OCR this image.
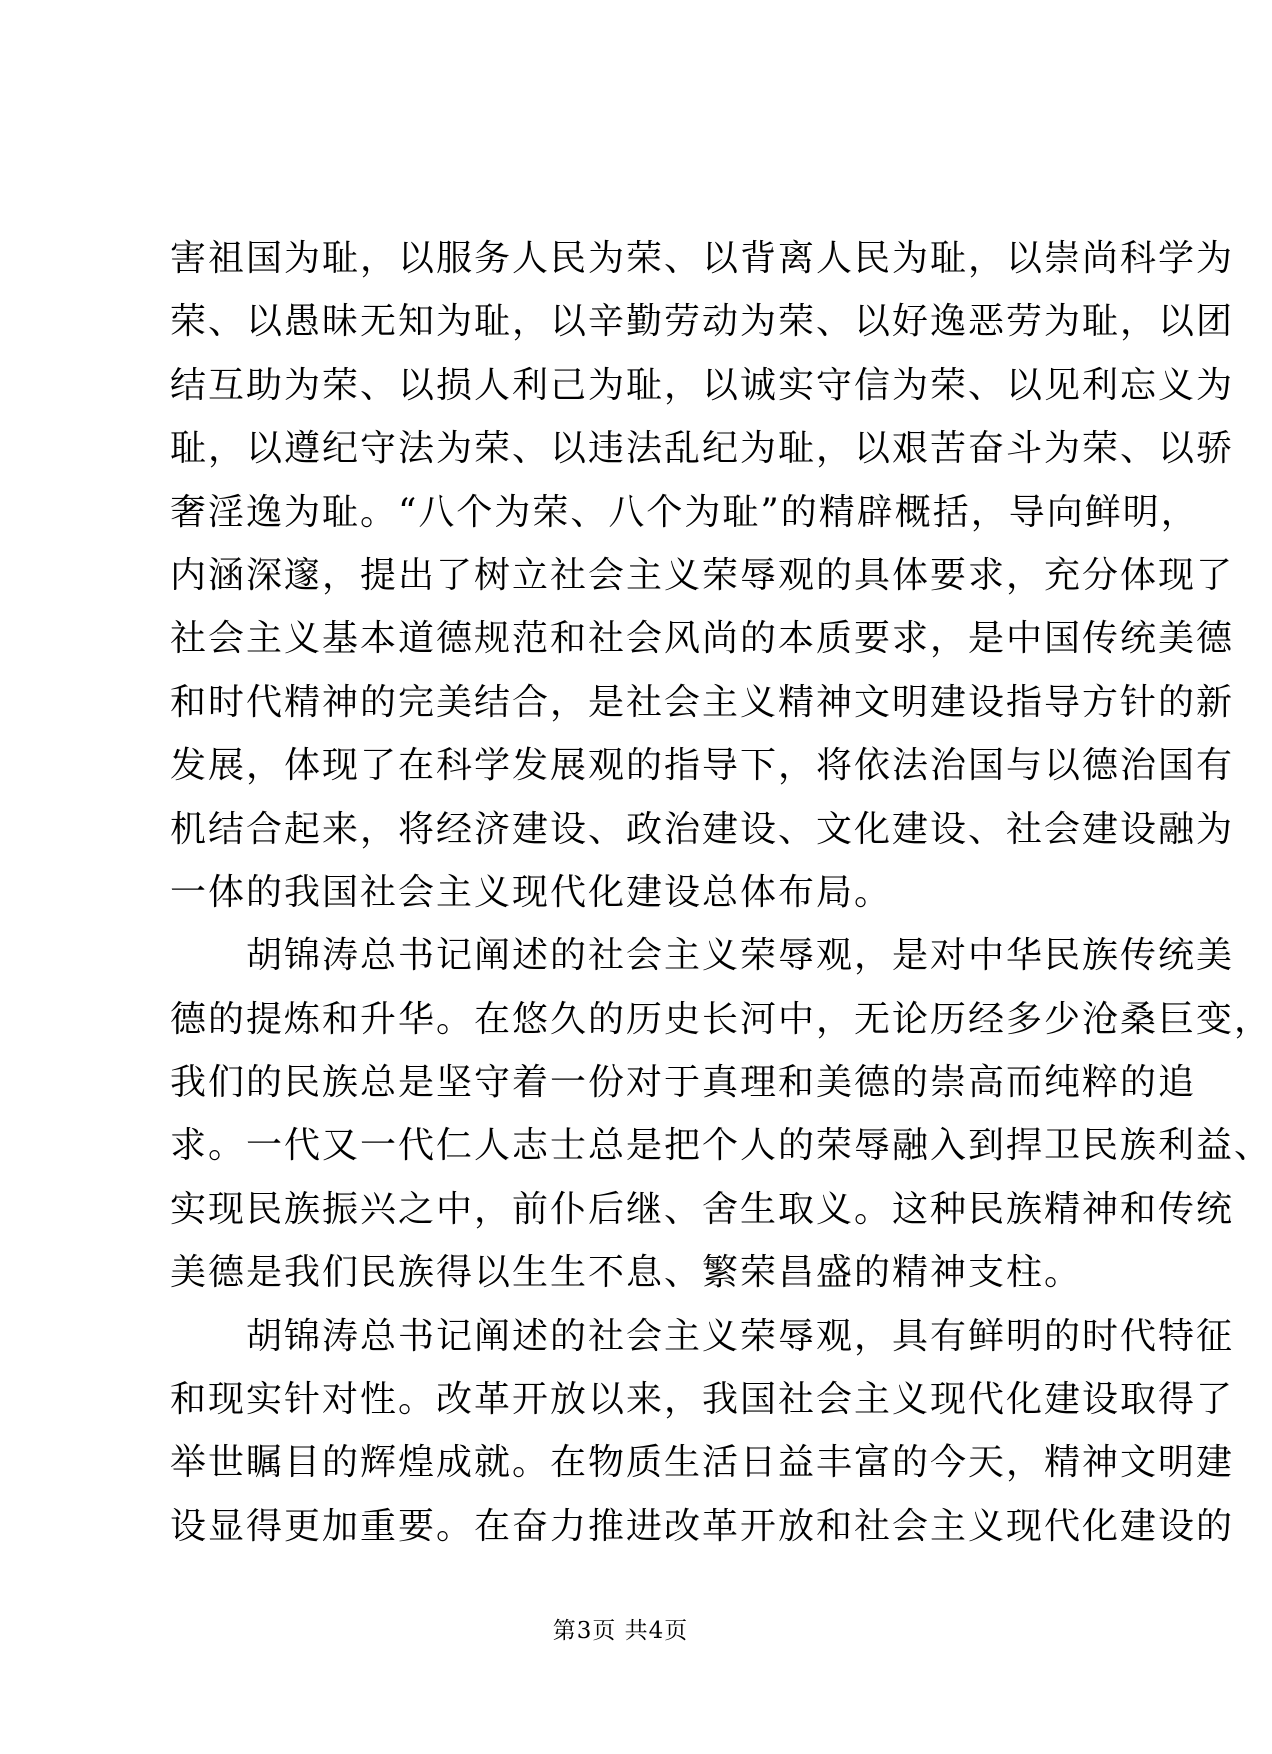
害祖国为耻，以服务人民为荣、以背离人民为耻，以崇尚科学为
荣、以愚昧无知为耻，以辛勤劳动为荣、以好逸恶劳为耻，以团
结互助为荣、以损人利己为耻，以诚实守信为荣、以见利忘义为
耻，以遵纪守法为荣、以违法乱纪为耻，以艰苦奋斗为荣、以骄
奢淫逸为耻。“八个为荣、八个为耻”的精辟概括，导向鲜明，
内涵深邃，提出了树立社会主义荣辱观的具体要求，充分体现了
社会主义基本道德规范和社会风尚的本质要求，是中国传统美德
和时代精神的完美结合，是社会主义精神文明建设指导方针的新
发展，体现了在科学发展观的指导下，将依法治国与以德治国有
机结合起来，将经济建设、政治建设、文化建设、社会建设融为
一体的我国社会主义现代化建设总体布局。
　　胡锦涛总书记阐述的社会主义荣辱观，是对中华民族传统美
德的提炼和升华。在悠久的历史长河中，无论历经多少沧桑巨变，
我们的民族总是坚守着一份对于真理和美德的崇高而纯粹的追
求。一代又一代仁人志士总是把个人的荣辱融入到捍卫民族利益、
实现民族振兴之中，前仆后继、舍生取义。这种民族精神和传统
美德是我们民族得以生生不息、繁荣昌盛的精神支柱。
　　胡锦涛总书记阐述的社会主义荣辱观，具有鲜明的时代特征
和现实针对性。改革开放以来，我国社会主义现代化建设取得了
举世瞩目的辉煌成就。在物质生活日益丰富的今天，精神文明建
设显得更加重要。在奋力推进改革开放和社会主义现代化建设的
第3页 共4页
